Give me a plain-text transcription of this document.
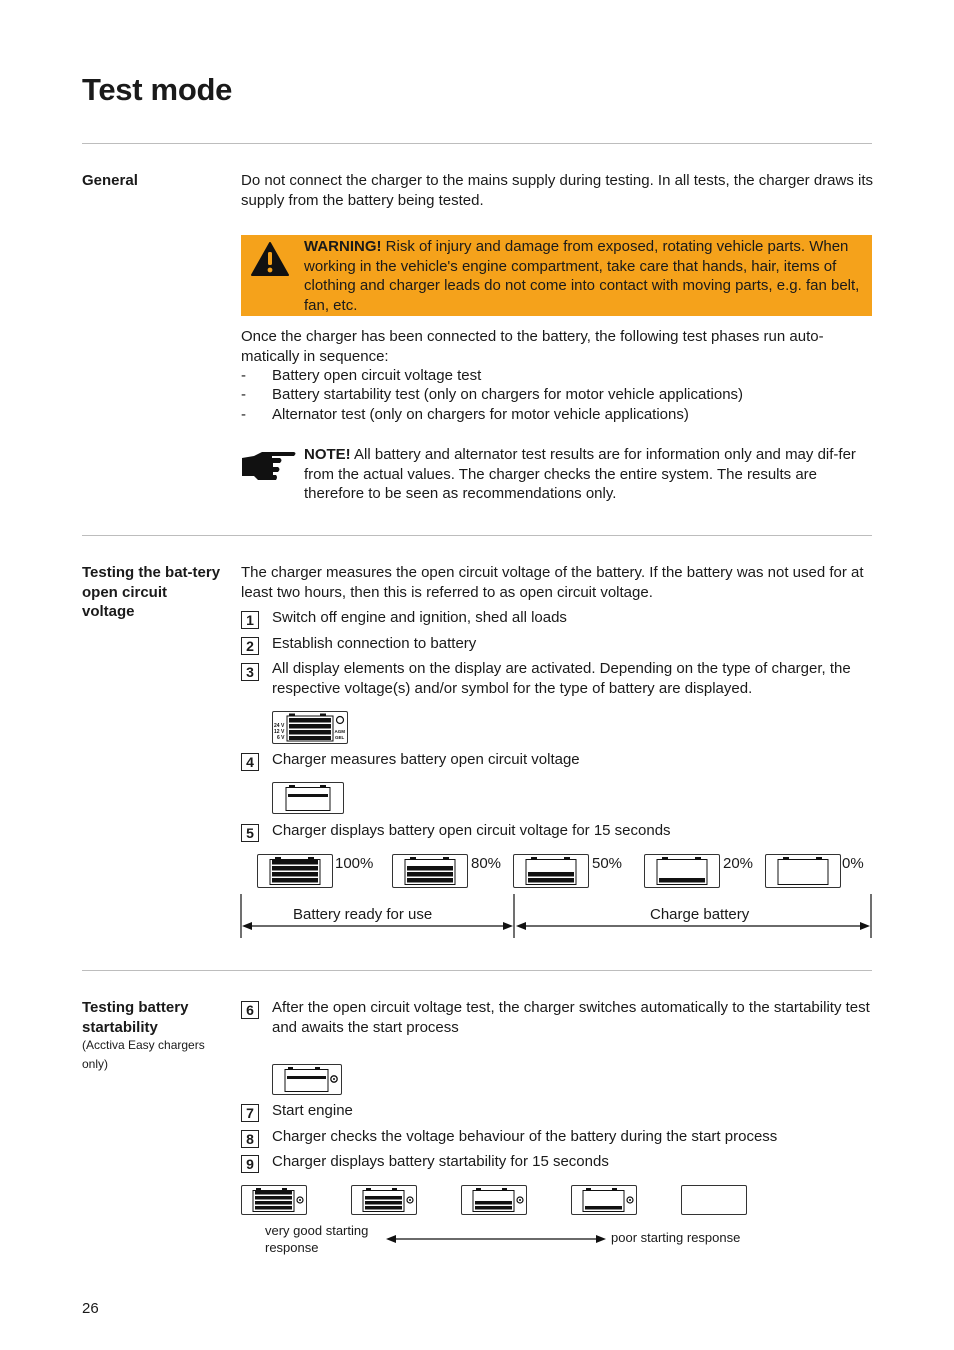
Test mode
General	Do not connect the charger to the mains supply during testing. In all tests, the charger draws its supply from the battery being tested.
WARNING! Risk of injury and damage from exposed, rotating vehicle parts. When working in the vehicle's engine compartment, take care that hands, hair, items of clothing and charger leads do not come into contact with moving parts, e.g. fan belt, fan, etc.
Once the charger has been connected to the battery, the following test phases run auto-matically in sequence:
- Battery open circuit voltage test
- Battery startability test (only on chargers for motor vehicle applications)
- Alternator test (only on chargers for motor vehicle applications)
NOTE! All battery and alternator test results are for information only and may dif-fer from the actual values. The charger checks the entire system. The results are therefore to be seen as recommendations only.
Testing the bat-tery open circuit voltage
The charger measures the open circuit voltage of the battery. If the battery was not used for at least two hours, then this is referred to as open circuit voltage.
1	Switch off engine and ignition, shed all loads
2	Establish connection to battery
3	All display elements on the display are activated. Depending on the type of charger, the respective voltage(s) and/or symbol for the type of battery are displayed.
24 V
12 V
6 V
AGM
GEL
4	Charger measures battery open circuit voltage
5	Charger displays battery open circuit voltage for 15 seconds
100%	80%	50%	20%	0%
Battery ready for use	Charge battery
Testing battery startability
(Acctiva Easy chargers only)
6	After the open circuit voltage test, the charger switches automatically to the startability test and awaits the start process
7	Start engine
8	Charger checks the voltage behaviour of the battery during the start process
9	Charger displays battery startability for 15 seconds
very good starting response
poor starting response
26
